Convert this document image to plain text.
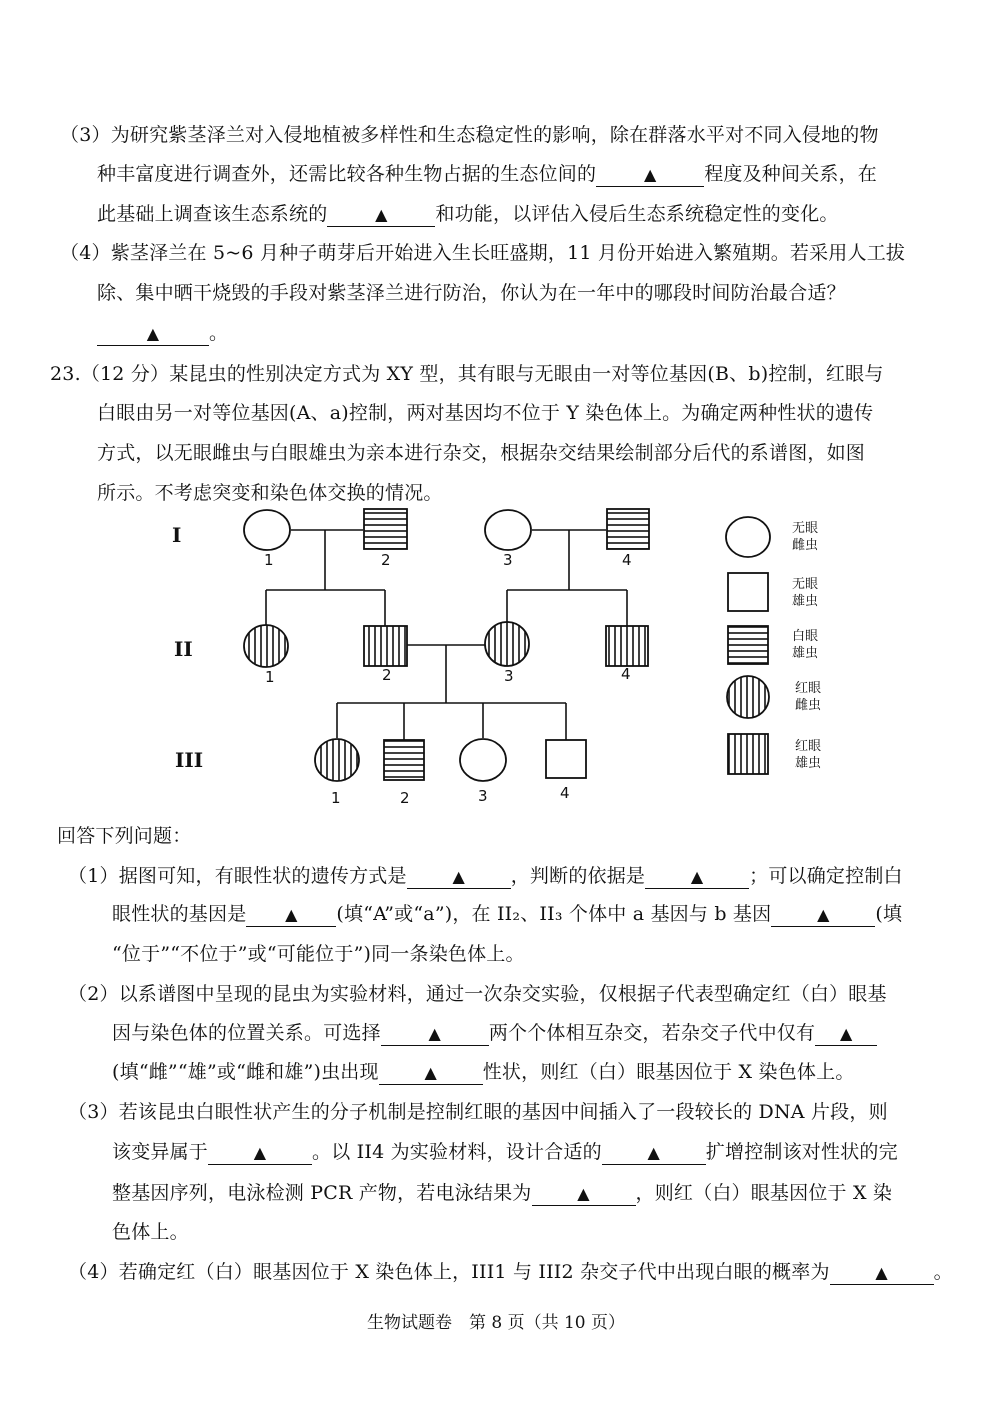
（3）为研究紫茎泽兰对入侵地植被多样性和生态稳定性的影响，除在群落水平对不同入侵地的物
种丰富度进行调查外，还需比较各种生物占据的生态位间的	▲	程度及种间关系，在
此基础上调查该生态系统的	▲	和功能，以评估入侵后生态系统稳定性的变化。
（4）紫茎泽兰在 5~6 月种子萌芽后开始进入生长旺盛期，11 月份开始进入繁殖期。若采用人工拔
除、集中晒干烧毁的手段对紫茎泽兰进行防治，你认为在一年中的哪段时间防治最合适？
▲	。
23.（12 分）某昆虫的性别决定方式为 XY 型，其有眼与无眼由一对等位基因(B、b)控制，红眼与
白眼由另一对等位基因(A、a)控制，两对基因均不位于 Y 染色体上。为确定两种性状的遗传
方式，以无眼雌虫与白眼雄虫为亲本进行杂交，根据杂交结果绘制部分后代的系谱图，如图
所示。不考虑突变和染色体交换的情况。
I
II
III
1	2	3	4
1	2	3	4
1	2	3	4
无眼
雌虫
无眼
雄虫
白眼
雄虫
红眼
雌虫
红眼
雄虫
回答下列问题：
（1）据图可知，有眼性状的遗传方式是	▲ ，判断的依据是	▲ ；可以确定控制白
眼性状的基因是 ▲ (填“A”或“a”)，在 II₂、II₃ 个体中 a 基因与 b 基因	▲ (填
“位于”“不位于”或“可能位于”)同一条染色体上。
（2）以系谱图中呈现的昆虫为实验材料，通过一次杂交实验，仅根据子代表型确定红（白）眼基
因与染色体的位置关系。可选择	▲	两个个体相互杂交，若杂交子代中仅有 ▲
(填“雌”“雄”或“雌和雄”)虫出现	▲ 性状，则红（白）眼基因位于 X 染色体上。
（3）若该昆虫白眼性状产生的分子机制是控制红眼的基因中间插入了一段较长的 DNA 片段，则
该变异属于	▲ 。以 II4 为实验材料，设计合适的	▲ 扩增控制该对性状的完
整基因序列，电泳检测 PCR 产物，若电泳结果为	▲ ，则红（白）眼基因位于 X 染
色体上。
（4）若确定红（白）眼基因位于 X 染色体上，III1 与 III2 杂交子代中出现白眼的概率为	▲ 。
生物试题卷　第 8 页（共 10 页）
